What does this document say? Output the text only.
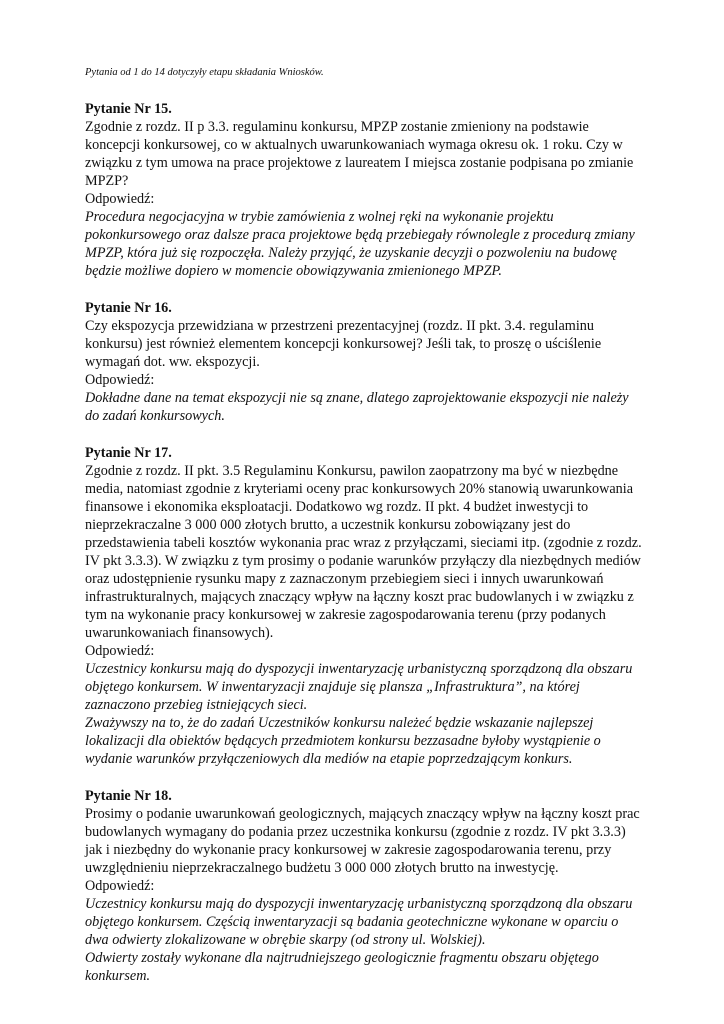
Pytania od 1 do 14 dotyczyły etapu składania Wniosków.

Pytanie Nr 15.

Zgodnie z rozdz. II p 3.3. regulaminu konkursu, MPZP zostanie zmieniony na podstawie koncepcji konkursowej, co w aktualnych uwarunkowaniach wymaga okresu ok. 1 roku. Czy w związku z tym umowa na prace projektowe z laureatem I miejsca zostanie podpisana po zmianie MPZP?

Odpowiedź:

Procedura negocjacyjna w trybie zamówienia z wolnej ręki na wykonanie projektu pokonkursowego oraz dalsze praca projektowe będą przebiegały równolegle z procedurą zmiany MPZP, która już się rozpoczęła. Należy przyjąć, że uzyskanie decyzji o pozwoleniu na budowę będzie możliwe dopiero w momencie obowiązywania zmienionego MPZP.

Pytanie Nr 16.

Czy ekspozycja przewidziana w przestrzeni prezentacyjnej (rozdz. II pkt. 3.4. regulaminu konkursu) jest również elementem koncepcji konkursowej? Jeśli tak, to proszę o uściślenie wymagań dot. ww. ekspozycji.

Odpowiedź:

Dokładne dane na temat ekspozycji nie są znane, dlatego zaprojektowanie ekspozycji nie należy do zadań konkursowych.

Pytanie Nr 17.

Zgodnie z rozdz. II pkt. 3.5 Regulaminu Konkursu, pawilon zaopatrzony ma być w niezbędne media, natomiast zgodnie z kryteriami oceny prac konkursowych 20% stanowią uwarunkowania finansowe i ekonomika eksploatacji. Dodatkowo wg rozdz. II pkt. 4 budżet inwestycji to nieprzekraczalne 3 000 000 złotych brutto, a uczestnik konkursu zobowiązany jest do przedstawienia tabeli kosztów wykonania prac wraz z przyłączami, sieciami itp. (zgodnie z rozdz. IV pkt 3.3.3). W związku z tym prosimy o podanie warunków przyłączy dla niezbędnych mediów oraz udostępnienie rysunku mapy z zaznaczonym przebiegiem sieci i innych uwarunkowań infrastrukturalnych, mających znaczący wpływ na łączny koszt prac budowlanych i w związku z tym na wykonanie pracy konkursowej w zakresie zagospodarowania terenu (przy podanych uwarunkowaniach finansowych).

Odpowiedź:

Uczestnicy konkursu mają do dyspozycji inwentaryzację urbanistyczną sporządzoną dla obszaru objętego konkursem. W inwentaryzacji znajduje się plansza „Infrastruktura”, na której zaznaczono przebieg istniejących sieci.

Zważywszy na to, że do zadań Uczestników konkursu należeć będzie wskazanie najlepszej lokalizacji dla obiektów będących przedmiotem konkursu bezzasadne byłoby wystąpienie o wydanie warunków przyłączeniowych dla mediów na etapie poprzedzającym konkurs.

Pytanie Nr 18.

Prosimy o podanie uwarunkowań geologicznych, mających znaczący wpływ na łączny koszt prac budowlanych wymagany do podania przez uczestnika konkursu (zgodnie z rozdz. IV pkt 3.3.3) jak i niezbędny do wykonanie pracy konkursowej w zakresie zagospodarowania terenu, przy uwzględnieniu nieprzekraczalnego budżetu 3 000 000 złotych brutto na inwestycję.

Odpowiedź:

Uczestnicy konkursu mają do dyspozycji inwentaryzację urbanistyczną sporządzoną dla obszaru objętego konkursem. Częścią inwentaryzacji są badania geotechniczne wykonane w oparciu o dwa odwierty zlokalizowane w obrębie skarpy (od strony ul. Wolskiej).

Odwierty zostały wykonane dla najtrudniejszego geologicznie fragmentu obszaru objętego konkursem.
